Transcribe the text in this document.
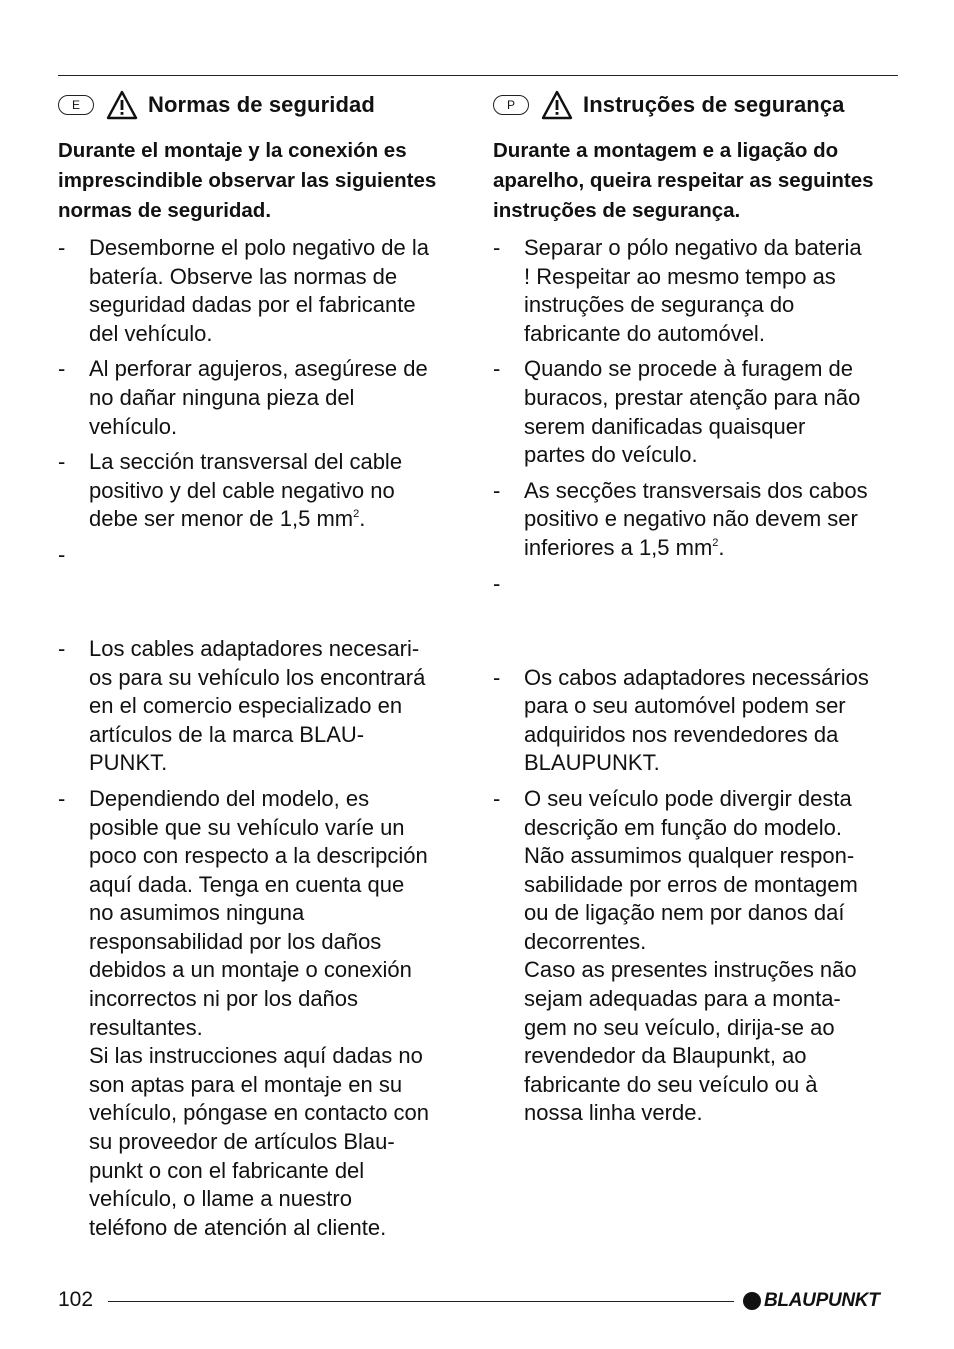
E	Normas de seguridad
Durante el montaje y la conexión es imprescindible observar las siguientes normas de seguridad.
- Desemborne el polo negativo de la
batería. Observe las normas de
seguridad dadas por el fabricante
del vehículo.
- Al perforar agujeros, asegúrese de
no dañar ninguna pieza del
vehículo.
- La sección transversal del cable
positivo y del cable negativo no
debe ser menor de 1,5 $mm^2$.
-
- Los cables adaptadores necesari-
os para su vehículo los encontrará
en el comercio especializado en
artículos de la marca BLAU-
PUNKT.
- Dependiendo del modelo, es
posible que su vehículo varíe un
poco con respecto a la descripción
aquí dada. Tenga en cuenta que
no asumimos ninguna
responsabilidad por los daños
debidos a un montaje o conexión
incorrectos ni por los daños
resultantes.
Si las instrucciones aquí dadas no
son aptas para el montaje en su
vehículo, póngase en contacto con
su proveedor de artículos Blau-
punkt o con el fabricante del
vehículo, o llame a nuestro
teléfono de atención al cliente.
P	Instruções de segurança
Durante a montagem e a ligação do aparelho, queira respeitar as seguintes instruções de segurança.
- Separar o pólo negativo da bateria
! Respeitar ao mesmo tempo as
instruções de segurança do
fabricante do automóvel.
- Quando se procede à furagem de
buracos, prestar atenção para não
serem danificadas quaisquer
partes do veículo.
- As secções transversais dos cabos
positivo e negativo não devem ser
inferiores a 1,5 $mm^2$.
-
- Os cabos adaptadores necessários
para o seu automóvel podem ser
adquiridos nos revendedores da
BLAUPUNKT.
- O seu veículo pode divergir desta
descrição em função do modelo.
Não assumimos qualquer respon-
sabilidade por erros de montagem
ou de ligação nem por danos daí
decorrentes.
Caso as presentes instruções não
sejam adequadas para a monta-
gem no seu veículo, dirija-se ao
revendedor da Blaupunkt, ao
fabricante do seu veículo ou à
nossa linha verde.
102	BLAUPUNKT
